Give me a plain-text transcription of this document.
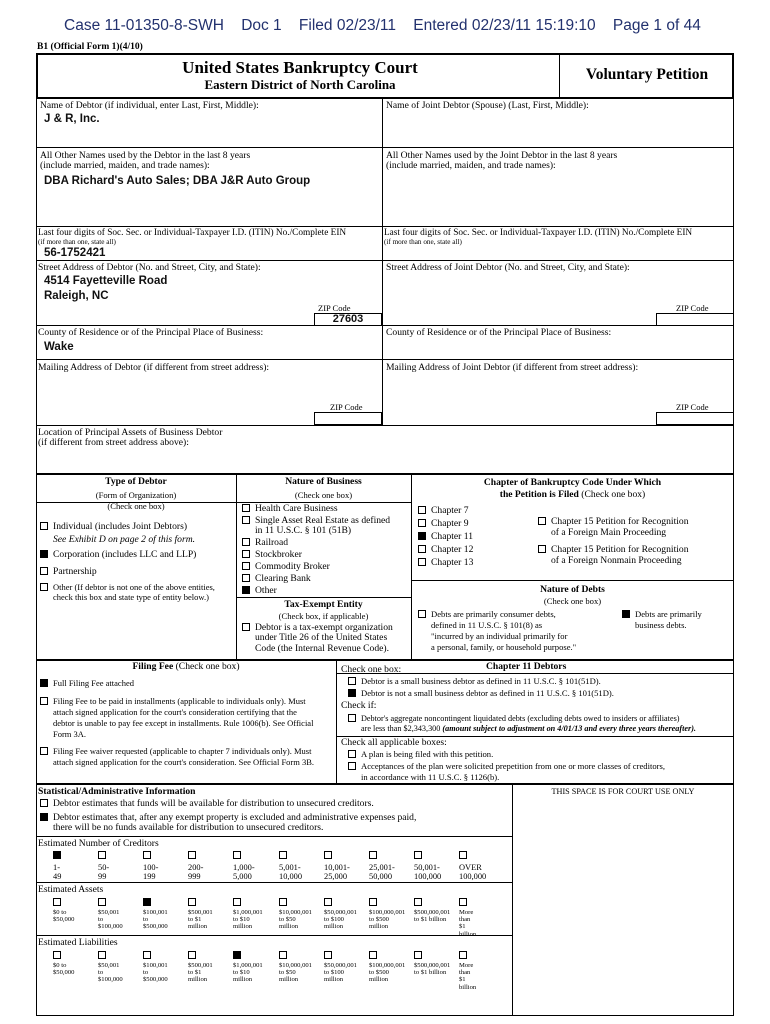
Case 11-01350-8-SWH Doc 1 Filed 02/23/11 Entered 02/23/11 15:19:10 Page 1 of 44
B1 (Official Form 1)(4/10)
United States Bankruptcy Court
Eastern District of North Carolina
Voluntary Petition
Name of Debtor (if individual, enter Last, First, Middle):
J & R, Inc.
Name of Joint Debtor (Spouse) (Last, First, Middle):
All Other Names used by the Debtor in the last 8 years
(include married, maiden, and trade names):
DBA Richard's Auto Sales; DBA J&R Auto Group
All Other Names used by the Joint Debtor in the last 8 years
(include married, maiden, and trade names):
Last four digits of Soc. Sec. or Individual-Taxpayer I.D. (ITIN) No./Complete EIN
(if more than one, state all)
56-1752421
Last four digits of Soc. Sec. or Individual-Taxpayer I.D. (ITIN) No./Complete EIN
(if more than one, state all)
Street Address of Debtor (No. and Street, City, and State):
4514 Fayetteville Road
Raleigh, NC
ZIP Code
27603
Street Address of Joint Debtor (No. and Street, City, and State):
ZIP Code
County of Residence or of the Principal Place of Business:
Wake
County of Residence or of the Principal Place of Business:
Mailing Address of Debtor (if different from street address):
ZIP Code
Mailing Address of Joint Debtor (if different from street address):
ZIP Code
Location of Principal Assets of Business Debtor
(if different from street address above):
Type of Debtor
(Form of Organization)
(Check one box)
Individual (includes Joint Debtors)
See Exhibit D on page 2 of this form.
Corporation (includes LLC and LLP)
Partnership
Other (If debtor is not one of the above entities,
check this box and state type of entity below.)
Nature of Business
(Check one box)
Health Care Business
Single Asset Real Estate as defined
in 11 U.S.C. § 101 (51B)
Railroad
Stockbroker
Commodity Broker
Clearing Bank
Other
Tax-Exempt Entity
(Check box, if applicable)
Debtor is a tax-exempt organization
under Title 26 of the United States
Code (the Internal Revenue Code).
Chapter of Bankruptcy Code Under Which
the Petition is Filed (Check one box)
Chapter 7
Chapter 9
Chapter 11
Chapter 12
Chapter 13
Chapter 15 Petition for Recognition
of a Foreign Main Proceeding
Chapter 15 Petition for Recognition
of a Foreign Nonmain Proceeding
Nature of Debts
(Check one box)
Debts are primarily consumer debts,
defined in 11 U.S.C. § 101(8) as
"incurred by an individual primarily for
a personal, family, or household purpose."
Debts are primarily
business debts.
Filing Fee (Check one box)
Full Filing Fee attached
Filing Fee to be paid in installments (applicable to individuals only). Must
attach signed application for the court's consideration certifying that the
debtor is unable to pay fee except in installments. Rule 1006(b). See Official
Form 3A.
Filing Fee waiver requested (applicable to chapter 7 individuals only). Must
attach signed application for the court's consideration. See Official Form 3B.
Check one box:	Chapter 11 Debtors
Debtor is a small business debtor as defined in 11 U.S.C. § 101(51D).
Debtor is not a small business debtor as defined in 11 U.S.C. § 101(51D).
Check if:
Debtor's aggregate noncontingent liquidated debts (excluding debts owed to insiders or affiliates)
are less than $2,343,300 (amount subject to adjustment on 4/01/13 and every three years thereafter).
Check all applicable boxes:
A plan is being filed with this petition.
Acceptances of the plan were solicited prepetition from one or more classes of creditors,
in accordance with 11 U.S.C. § 1126(b).
Statistical/Administrative Information	THIS SPACE IS FOR COURT USE ONLY
Debtor estimates that funds will be available for distribution to unsecured creditors.
Debtor estimates that, after any exempt property is excluded and administrative expenses paid,
there will be no funds available for distribution to unsecured creditors.
Estimated Number of Creditors
1-
49
50-
99
100-
199
200-
999
1,000-
5,000
5,001-
10,000
10,001-
25,000
25,001-
50,000
50,001-
100,000
OVER
100,000
Estimated Assets
$0 to
$50,000
$50,001 to
$100,000
$100,001 to
$500,000
$500,001
to $1
million
$1,000,001
to $10
million
$10,000,001
to $50
million
$50,000,001
to $100
million
$100,000,001
to $500
million
$500,000,001
to $1 billion
More than
$1
Estimated Liabilities
$0 to
$50,000
$50,001 to
$100,000
$100,001 to
$500,000
$500,001
to $1
million
$1,000,001
to $10
million
$10,000,001
to $50
million
$50,000,001
to $100
million
$100,000,001
to $500
million
$500,000,001
to $1 billion
More than
$1 billion
